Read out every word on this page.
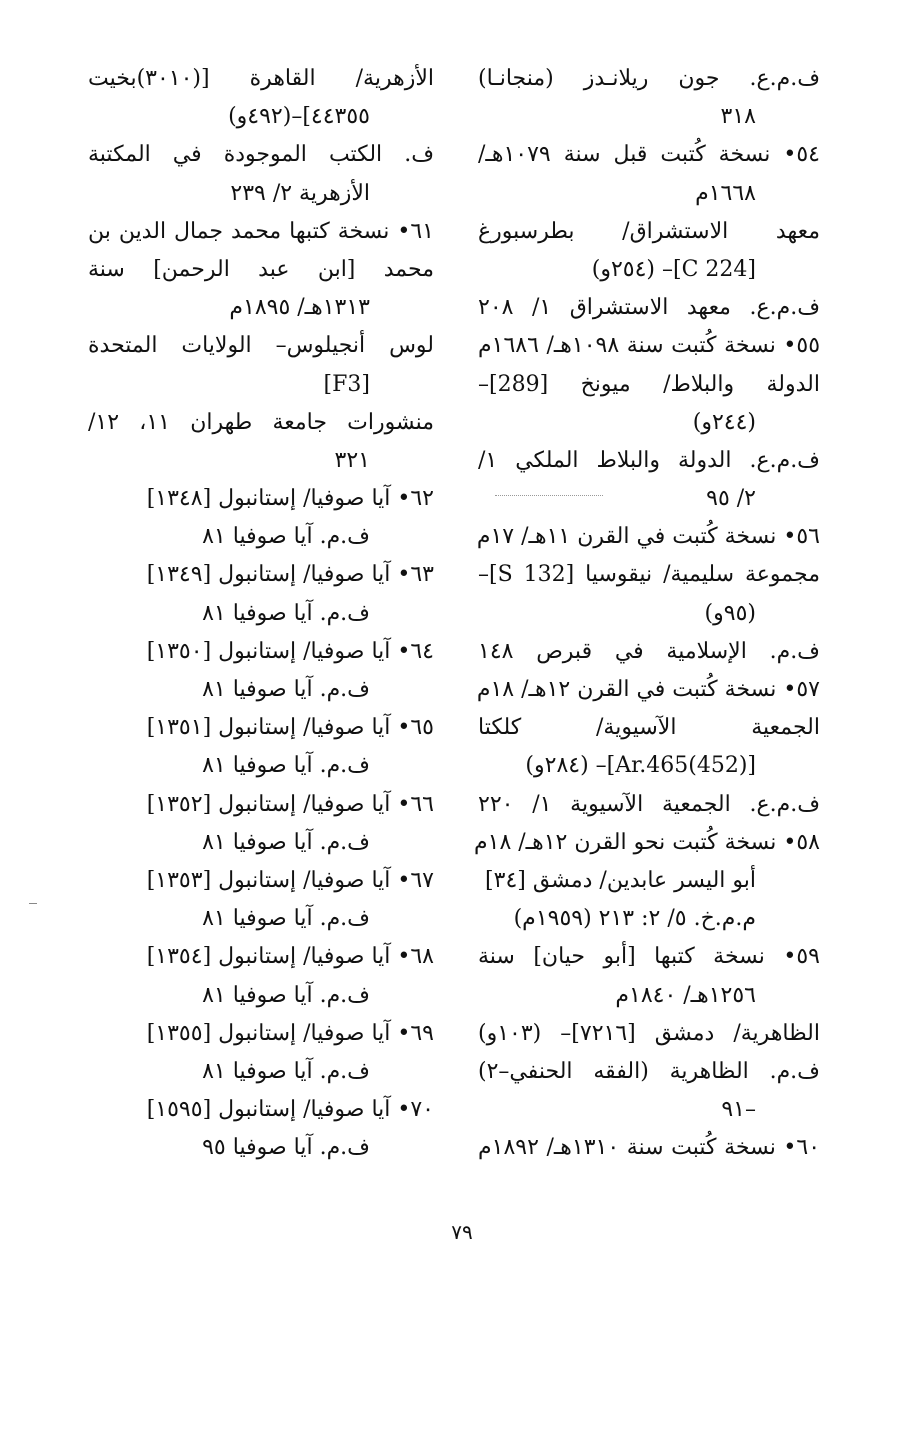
ف.م.ع. جون ريلانـدز (منجانـا)
٣١٨
٥٤• نسخة كُتبت قبل سنة ١٠٧٩هـ/
١٦٦٨م
معهد الاستشراق/ بطرسبورغ
[C 224]– (٢٥٤و)
ف.م.ع. معهد الاستشراق ١/ ٢٠٨
٥٥• نسخة كُتبت سنة ١٠٩٨هـ/ ١٦٨٦م
الدولة والبلاط/ ميونخ [289]–
(٢٤٤و)
ف.م.ع. الدولة والبلاط الملكي ١/
٢/ ٩٥
٥٦• نسخة كُتبت في القرن ١١هـ/ ١٧م
مجموعة سليمية/ نيقوسيا [S 132]–
(٩٥و)
ف.م. الإسلامية في قبرص ١٤٨
٥٧• نسخة كُتبت في القرن ١٢هـ/ ١٨م
الجمعية الآسيوية/ كلكتا
[(452)Ar.465]– (٢٨٤و)
ف.م.ع. الجمعية الآسيوية ١/ ٢٢٠
٥٨• نسخة كُتبت نحو القرن ١٢هـ/ ١٨م
أبو اليسر عابدين/ دمشق [٣٤]
م.م.خ. ٥/ ٢: ٢١٣ (١٩٥٩م)
٥٩• نسخة كتبها [أبو حيان] سنة
١٢٥٦هـ/ ١٨٤٠م
الظاهرية/ دمشق [٧٢١٦]– (١٠٣و)
ف.م. الظاهرية (الفقه الحنفي–٢)
–٩١
٦٠• نسخة كُتبت سنة ١٣١٠هـ/ ١٨٩٢م
الأزهرية/ القاهرة [(٣٠١٠)بخيت
٤٤٣٥٥]–(٤٩٢و)
ف. الكتب الموجودة في المكتبة
الأزهرية ٢/ ٢٣٩
٦١• نسخة كتبها محمد جمال الدين بن
محمد [ابن عبد الرحمن] سنة
١٣١٣هـ/ ١٨٩٥م
لوس أنجيلوس– الولايات المتحدة
[F3]
منشورات جامعة طهران ١١، ١٢/
٣٢١
٦٢• آيا صوفيا/ إستانبول [١٣٤٨]
ف.م. آيا صوفيا ٨١
٦٣• آيا صوفيا/ إستانبول [١٣٤٩]
ف.م. آيا صوفيا ٨١
٦٤• آيا صوفيا/ إستانبول [١٣٥٠]
ف.م. آيا صوفيا ٨١
٦٥• آيا صوفيا/ إستانبول [١٣٥١]
ف.م. آيا صوفيا ٨١
٦٦• آيا صوفيا/ إستانبول [١٣٥٢]
ف.م. آيا صوفيا ٨١
٦٧• آيا صوفيا/ إستانبول [١٣٥٣]
ف.م. آيا صوفيا ٨١
٦٨• آيا صوفيا/ إستانبول [١٣٥٤]
ف.م. آيا صوفيا ٨١
٦٩• آيا صوفيا/ إستانبول [١٣٥٥]
ف.م. آيا صوفيا ٨١
٧٠• آيا صوفيا/ إستانبول [١٥٩٥]
ف.م. آيا صوفيا ٩٥
٧٩
